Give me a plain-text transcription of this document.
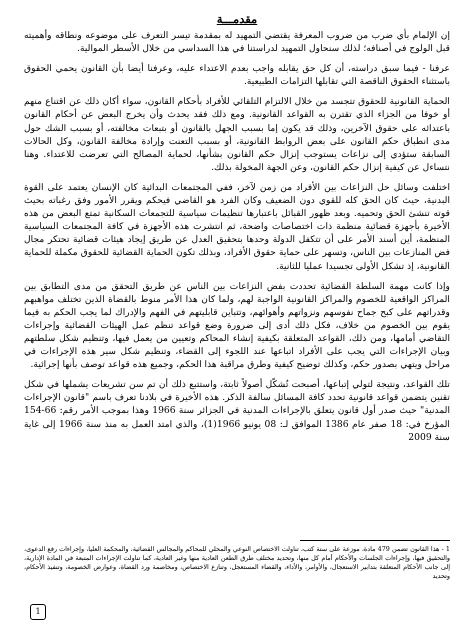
مقدمـــة

إن الإلمام بأي ضرب من ضروب المعرفة يقتضي التمهيد له بمقدمة تيسر التعرف على موضوعه ونطاقه وأهميته قبل الولوج في أصنافه؛ لذلك سنحاول التمهيد لدراستنا في هذا السداسي من خلال الأسطر الموالية.

عرفنا - فيما سبق دراسته، أن كل حق يقابله واجب بعدم الاعتداء عليه، وعرفنا أيضا بأن القانون يحمي الحقوق باستثناء الحقوق الناقصة التي تقابلها التزامات الطبيعية.

الحماية القانونية للحقوق تتجسد من خلال الالتزام التلقائي للأفراد بأحكام القانون، سواء أكان ذلك عن اقتناع منهم أو خوفا من الجزاء الذي تقترن به القواعد القانونية. ومع ذلك فقد يحدث وأن يخرج البعض عن أحكام القانون باعتدائه على حقوق الآخرين، وذلك قد يكون إما بسبب الجهل بالقانون أو بتبعات مخالفته، أو بسبب الشك حول مدى انطباق حكم القانون على بعض الروابط القانونية، أو بسبب التعنت وإرادة مخالفة القانون، وكل الحالات السابقة ستؤدي إلى نزاعات يستوجب إنزال حكم القانون بشأنها، لحماية المصالح التي تعرضت للاعتداء. وهنا نتساءل عن كيفية إنزال حكم القانون، وعن الجهة المخولة بذلك.

اختلفت وسائل حل النزاعات بين الأفراد من زمن لآخر، ففي المجتمعات البدائية كان الإنسان يعتمد على القوة البدنية، حيث كان الحق كله للقوي دون الضعيف وكان الفرد هو القاضي فيحكم ويقرر الأمور وفق رغباته بحيث قوته تنشئ الحق وتحميه. وبعد ظهور القبائل باعتبارها تنظيمات سياسية للتجمعات السكانية تمتع البعض من هذه الأخيرة بأجهزة قضائية منظمة ذات اختصاصات واضحة، ثم انتشرت هذه الأجهزة في كافة المجتمعات السياسية المنظمة، أين أسند الأمر على أن تتكفل الدولة وحدها بتحقيق العدل عن طريق إيجاد هيئات قضائية تحتكر مجال فض المنازعات بين الناس، وتسهر على حماية حقوق الأفراد، وبذلك تكون الحماية القضائية للحقوق مكملة للحماية القانونية، إذ تشكل الأولى تجسيدا عمليا للثانية.

وإذا كانت مهمة السلطة القضائية تحددت بفض النزاعات بين الناس عن طريق التحقق من مدى التطابق بين المراكز الواقعية للخصوم والمراكز القانونية الواجبة لهم، ولما كان هذا الأمر منوط بالقضاة الذين تختلف مواهبهم وقدراتهم على كبح جماح نفوسهم ونزواتهم وأهوائهم، وتتباين قابليتهم في الفهم والإدراك لما يجب الحكم به فيما يقوم بين الخصوم من خلاف، فكل ذلك أدى إلى ضرورة وضع قواعد تنظم عمل الهيئات القضائية وإجراءات التقاضي أمامها، ومن ذلك، القواعد المتعلقة بكيفية إنشاء المحاكم وتعيين من يعمل فيها، وتنظيم شكل سلطتهم وبيان الإجراءات التي يجب على الأفراد اتباعها عند اللجوء إلى القضاء، وتنظيم شكل سير هذه الإجراءات في مراحل ويتهي بصدور حكم، وكذلك توضيح كيفية وطرق مراقبة هذا الحكم، وجميع هذه قواعد توصف بأنها إجرائية.

تلك القواعد، ونتيجة لتولي إتباعها، أصبحت تُشكّل أصولاً ثابتة، واستتبع ذلك أن تم سن تشريعات يشملها في شكل تقنين يتضمن قواعد قانونية تحدد كافة المسائل سالفة الذكر. هذه الأخيرة في بلادنا تعرف باسم "قانون الإجراءات المدنية" حيث صدر أول قانون يتعلق بالإجراءات المدنية في الجزائر سنة 1966 وهذا بموجب الأمر رقم: 66-154 المؤرخ في: 18 صفر عام 1386 الموافق لـ: 08 يونيو 1966(1)، والذي امتد العمل به منذ سنة 1966 إلى غاية سنة 2009

1 - هذا القانون تضمن 479 مادة، موزعة على ستة كتب، تناولت الاختصاص النوعي والمحلي للمحاكم والمجالس القضائية، والمحكمة العليا، وإجراءات رفع الدعوى، والتحقيق فيها، وإجراءات الجلسات والأحكام أمام كل منها، وتحديد مختلف طرق الطعن العادية منها وغير العادية، كما تناولت الإجراءات المتبعة في المادة الإدارية، إلى جانب الأحكام المتعلقة بتدابير الاستعجال، والأوامر، والأداء، والقضاء المستعجل، وتنازع الاختصاص، ومخاصمة ورد القضاة، وعوارض الخصومة، وتنفيذ الأحكام، وتحديد
1
